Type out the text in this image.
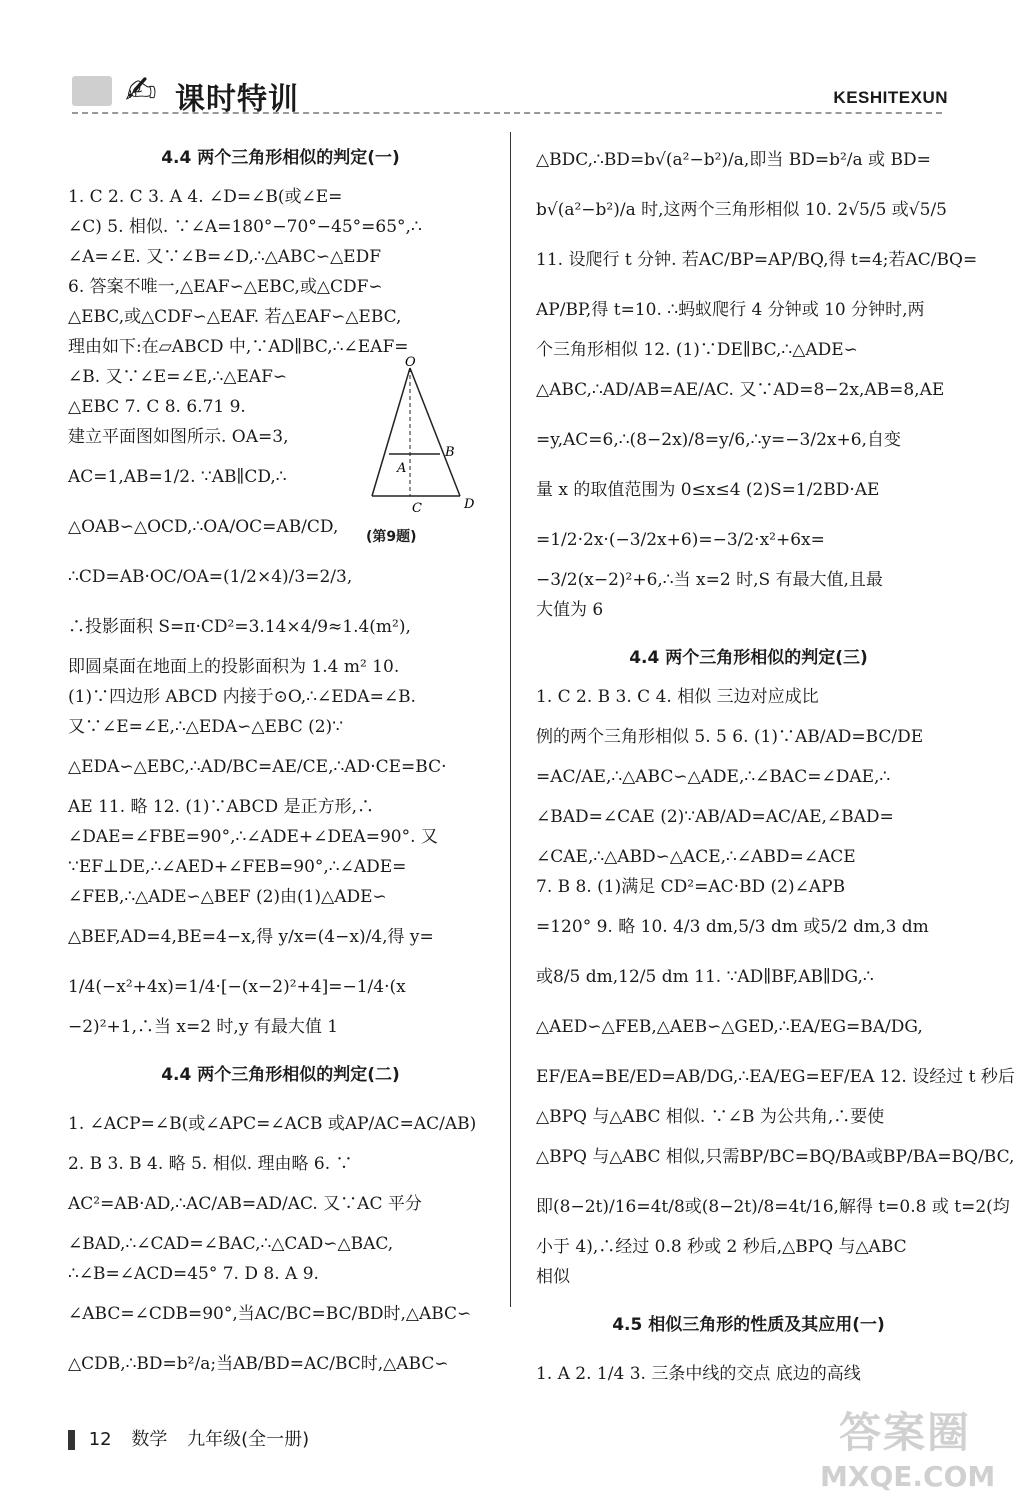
✍ 课时特训	KESHITEXUN
4.4 两个三角形相似的判定(一)
1. C 2. C 3. A 4. ∠D=∠B(或∠E=
∠C) 5. 相似. ∵∠A=180°−70°−45°=65°,∴
∠A=∠E. 又∵∠B=∠D,∴△ABC∽△EDF
6. 答案不唯一,△EAF∽△EBC,或△CDF∽
△EBC,或△CDF∽△EAF. 若△EAF∽△EBC,
理由如下:在▱ABCD 中,∵AD∥BC,∴∠EAF=
∠B. 又∵∠E=∠E,∴△EAF∽
△EBC 7. C 8. 6.71 9.
建立平面图如图所示. OA=3,
AC=1,AB=1/2. ∵AB∥CD,∴
△OAB∽△OCD,∴OA/OC=AB/CD,
∴CD=AB·OC/OA=(1/2×4)/3=2/3,
∴投影面积 S=π·CD²=3.14×4/9≈1.4(m²),
即圆桌面在地面上的投影面积为 1.4 m² 10.
(1)∵四边形 ABCD 内接于⊙O,∴∠EDA=∠B.
又∵∠E=∠E,∴△EDA∽△EBC (2)∵
△EDA∽△EBC,∴AD/BC=AE/CE,∴AD·CE=BC·
AE 11. 略 12. (1)∵ABCD 是正方形,∴
∠DAE=∠FBE=90°,∴∠ADE+∠DEA=90°. 又
∵EF⊥DE,∴∠AED+∠FEB=90°,∴∠ADE=
∠FEB,∴△ADE∽△BEF (2)由(1)△ADE∽
△BEF,AD=4,BE=4−x,得 y/x=(4−x)/4,得 y=
1/4(−x²+4x)=1/4·[−(x−2)²+4]=−1/4·(x
−2)²+1,∴当 x=2 时,y 有最大值 1
4.4 两个三角形相似的判定(二)
1. ∠ACP=∠B(或∠APC=∠ACB 或AP/AC=AC/AB)
2. B 3. B 4. 略 5. 相似. 理由略 6. ∵
AC²=AB·AD,∴AC/AB=AD/AC. 又∵AC 平分
∠BAD,∴∠CAD=∠BAC,∴△CAD∽△BAC,
∴∠B=∠ACD=45° 7. D 8. A 9.
∠ABC=∠CDB=90°,当AC/BC=BC/BD时,△ABC∽
△CDB,∴BD=b²/a;当AB/BD=AC/BC时,△ABC∽
O
A
B
C	D
(第9题)
△BDC,∴BD=b√(a²−b²)/a,即当 BD=b²/a 或 BD=
b√(a²−b²)/a 时,这两个三角形相似 10. 2√5/5 或√5/5
11. 设爬行 t 分钟. 若AC/BP=AP/BQ,得 t=4;若AC/BQ=
AP/BP,得 t=10. ∴蚂蚁爬行 4 分钟或 10 分钟时,两
个三角形相似 12. (1)∵DE∥BC,∴△ADE∽
△ABC,∴AD/AB=AE/AC. 又∵AD=8−2x,AB=8,AE
=y,AC=6,∴(8−2x)/8=y/6,∴y=−3/2x+6,自变
量 x 的取值范围为 0≤x≤4 (2)S=1/2BD·AE
=1/2·2x·(−3/2x+6)=−3/2·x²+6x=
−3/2(x−2)²+6,∴当 x=2 时,S 有最大值,且最
大值为 6
4.4 两个三角形相似的判定(三)
1. C 2. B 3. C 4. 相似 三边对应成比
例的两个三角形相似 5. 5 6. (1)∵AB/AD=BC/DE
=AC/AE,∴△ABC∽△ADE,∴∠BAC=∠DAE,∴
∠BAD=∠CAE (2)∵AB/AD=AC/AE,∠BAD=
∠CAE,∴△ABD∽△ACE,∴∠ABD=∠ACE
7. B 8. (1)满足 CD²=AC·BD (2)∠APB
=120° 9. 略 10. 4/3 dm,5/3 dm 或5/2 dm,3 dm
或8/5 dm,12/5 dm 11. ∵AD∥BF,AB∥DG,∴
△AED∽△FEB,△AEB∽△GED,∴EA/EG=BA/DG,
EF/EA=BE/ED=AB/DG,∴EA/EG=EF/EA 12. 设经过 t 秒后
△BPQ 与△ABC 相似. ∵∠B 为公共角,∴要使
△BPQ 与△ABC 相似,只需BP/BC=BQ/BA或BP/BA=BQ/BC,
即(8−2t)/16=4t/8或(8−2t)/8=4t/16,解得 t=0.8 或 t=2(均
小于 4),∴经过 0.8 秒或 2 秒后,△BPQ 与△ABC
相似
4.5 相似三角形的性质及其应用(一)
1. A 2. 1/4 3. 三条中线的交点 底边的高线
12 数学 九年级(全一册)	答案圈
MXQE.COM
